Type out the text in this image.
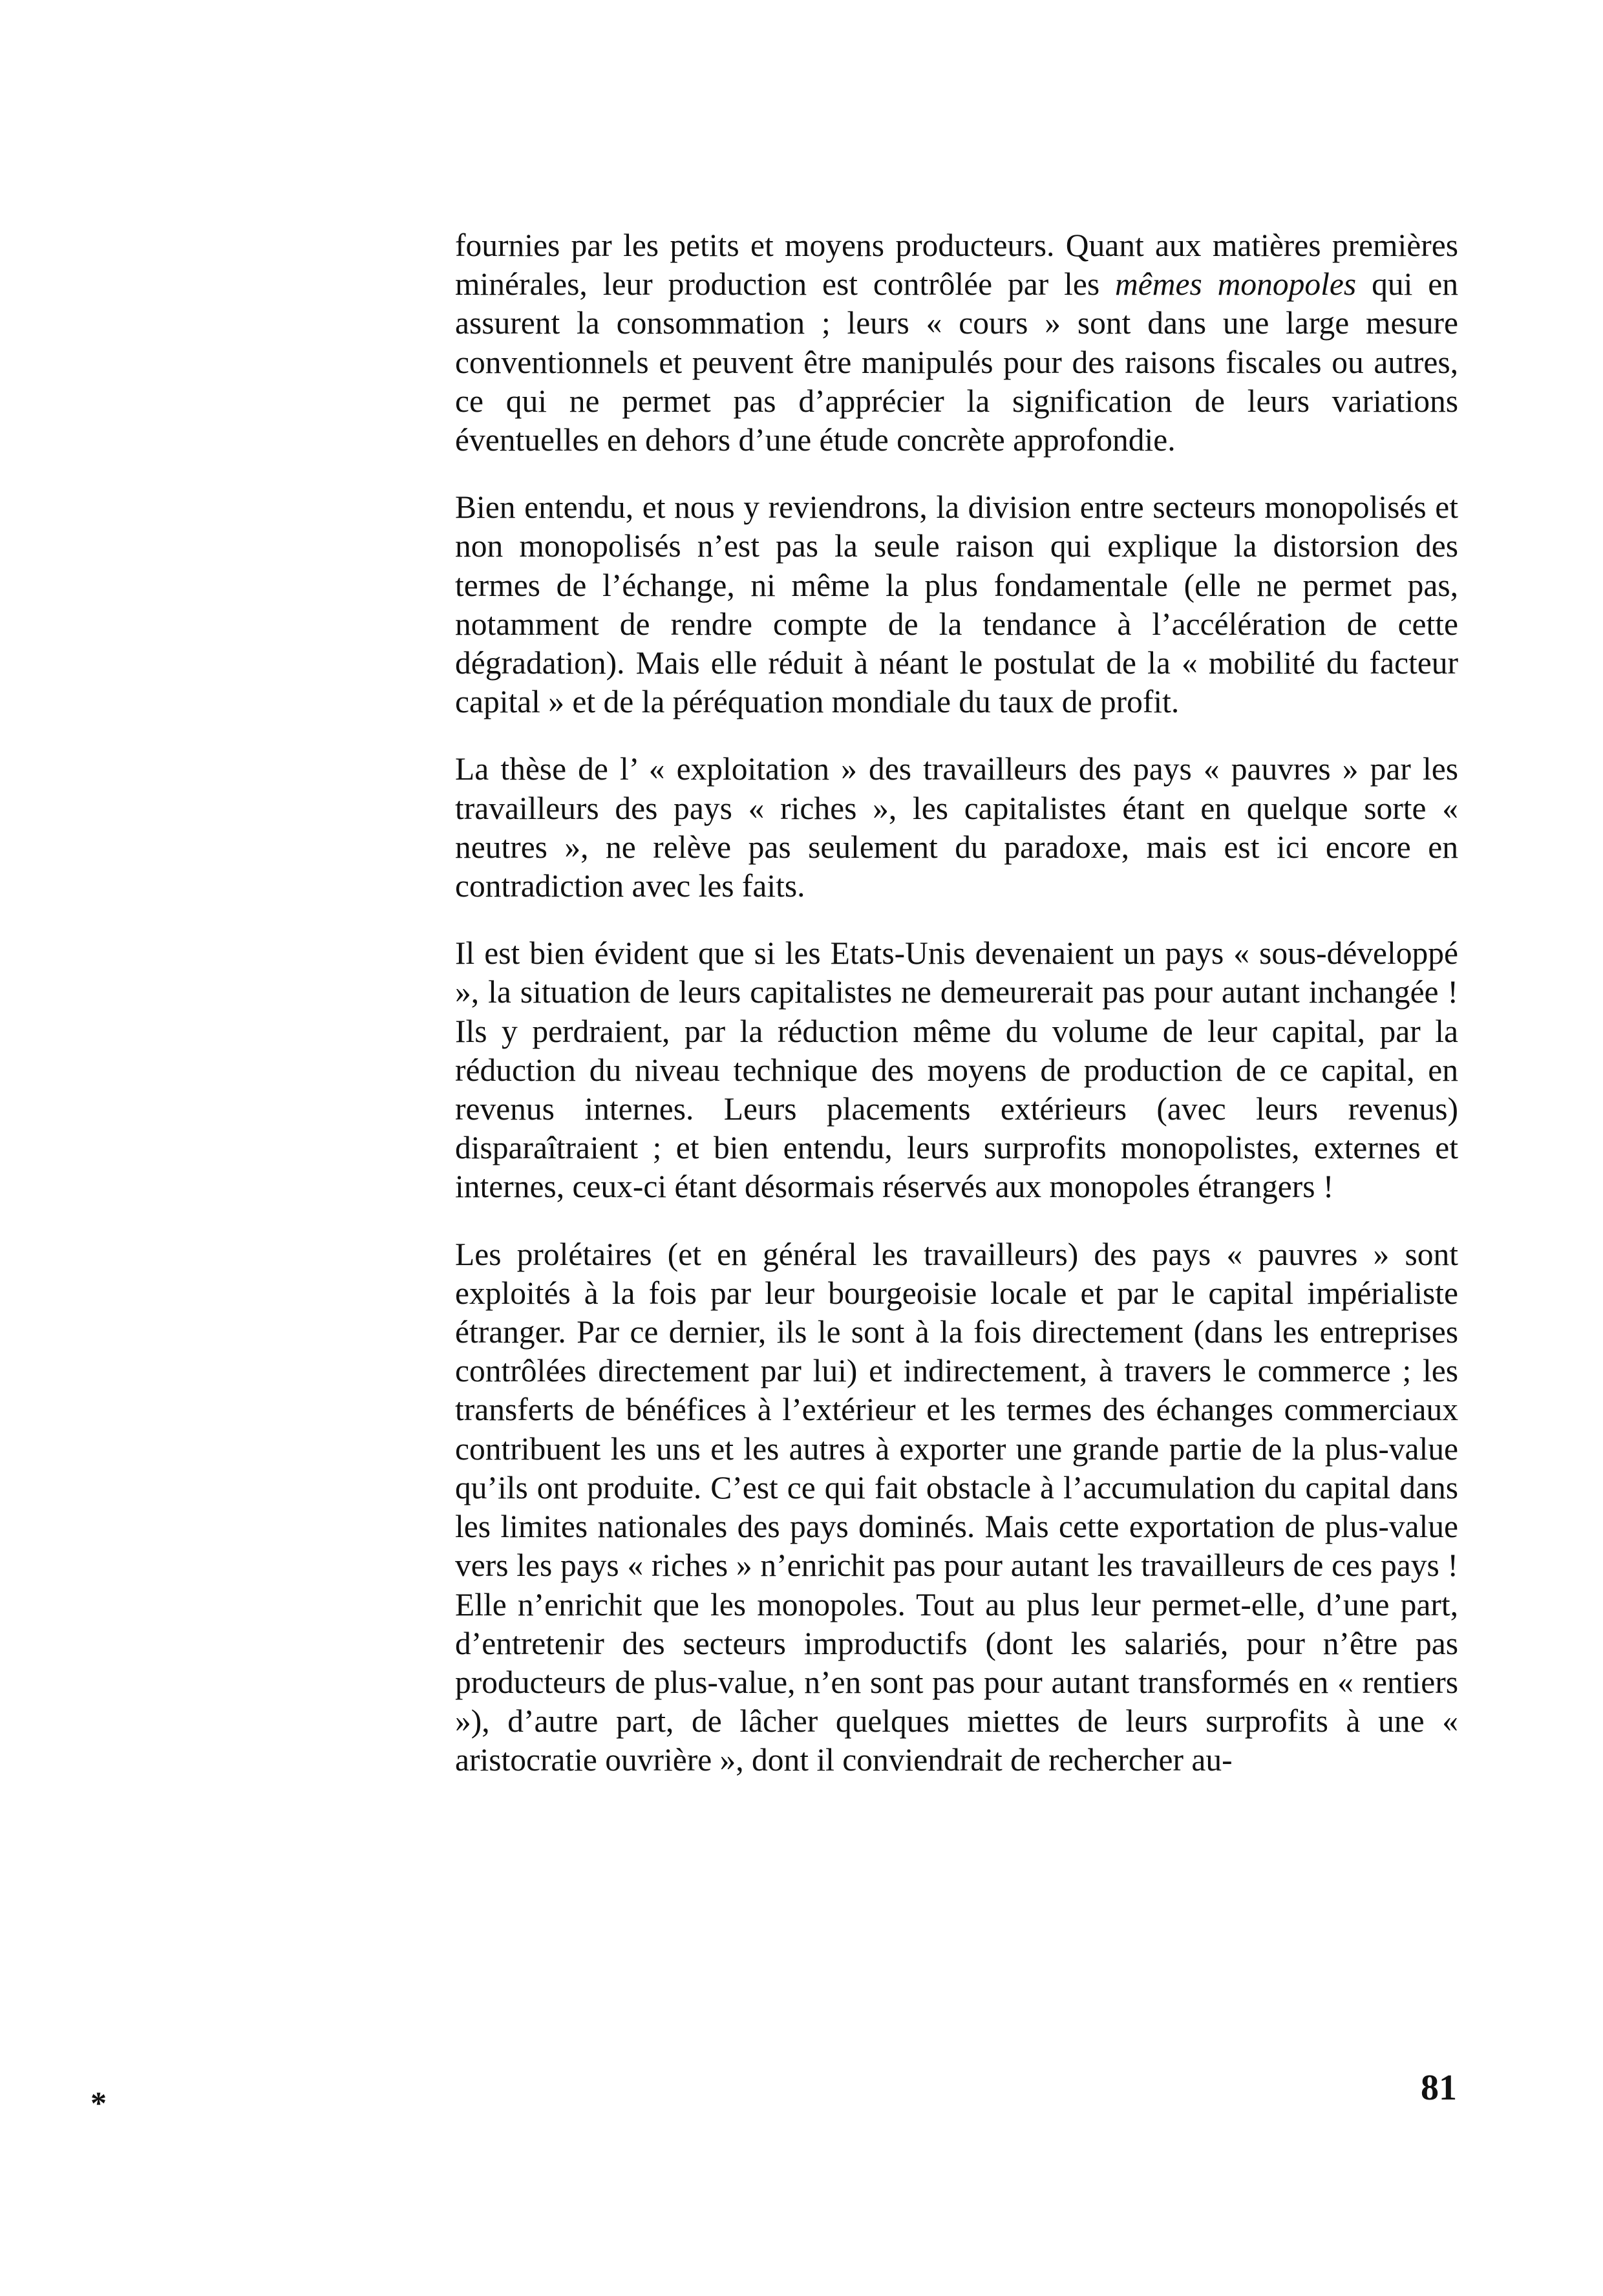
fournies par les petits et moyens producteurs. Quant aux matières premières minérales, leur production est contrôlée par les mêmes monopoles qui en assurent la consommation ; leurs « cours » sont dans une large mesure conventionnels et peuvent être manipulés pour des raisons fiscales ou autres, ce qui ne permet pas d’apprécier la signification de leurs variations éventuelles en dehors d’une étude concrète approfondie.

Bien entendu, et nous y reviendrons, la division entre secteurs monopolisés et non monopolisés n’est pas la seule raison qui explique la distorsion des termes de l’échange, ni même la plus fondamentale (elle ne permet pas, notamment de rendre compte de la tendance à l’accélération de cette dégradation). Mais elle réduit à néant le postulat de la « mobilité du facteur capital » et de la péréquation mondiale du taux de profit.

La thèse de l’ « exploitation » des travailleurs des pays « pauvres » par les travailleurs des pays « riches », les capitalistes étant en quelque sorte « neutres », ne relève pas seulement du paradoxe, mais est ici encore en contradiction avec les faits.

Il est bien évident que si les Etats-Unis devenaient un pays « sous-développé », la situation de leurs capitalistes ne demeurerait pas pour autant inchangée ! Ils y perdraient, par la réduction même du volume de leur capital, par la réduction du niveau technique des moyens de production de ce capital, en revenus internes. Leurs placements extérieurs (avec leurs revenus) disparaîtraient ; et bien entendu, leurs surprofits monopolistes, externes et internes, ceux-ci étant désormais réservés aux monopoles étrangers !

Les prolétaires (et en général les travailleurs) des pays « pauvres » sont exploités à la fois par leur bourgeoisie locale et par le capital impérialiste étranger. Par ce dernier, ils le sont à la fois directement (dans les entreprises contrôlées directement par lui) et indirectement, à travers le commerce ; les transferts de bénéfices à l’extérieur et les termes des échanges commerciaux contribuent les uns et les autres à exporter une grande partie de la plus-value qu’ils ont produite. C’est ce qui fait obstacle à l’accumulation du capital dans les limites nationales des pays dominés. Mais cette exportation de plus-value vers les pays « riches » n’enrichit pas pour autant les travailleurs de ces pays ! Elle n’enrichit que les monopoles. Tout au plus leur permet-elle, d’une part, d’entretenir des secteurs improductifs (dont les salariés, pour n’être pas producteurs de plus-value, n’en sont pas pour autant transformés en « rentiers »), d’autre part, de lâcher quelques miettes de leurs surprofits à une « aristocratie ouvrière », dont il conviendrait de rechercher au-

*	81
